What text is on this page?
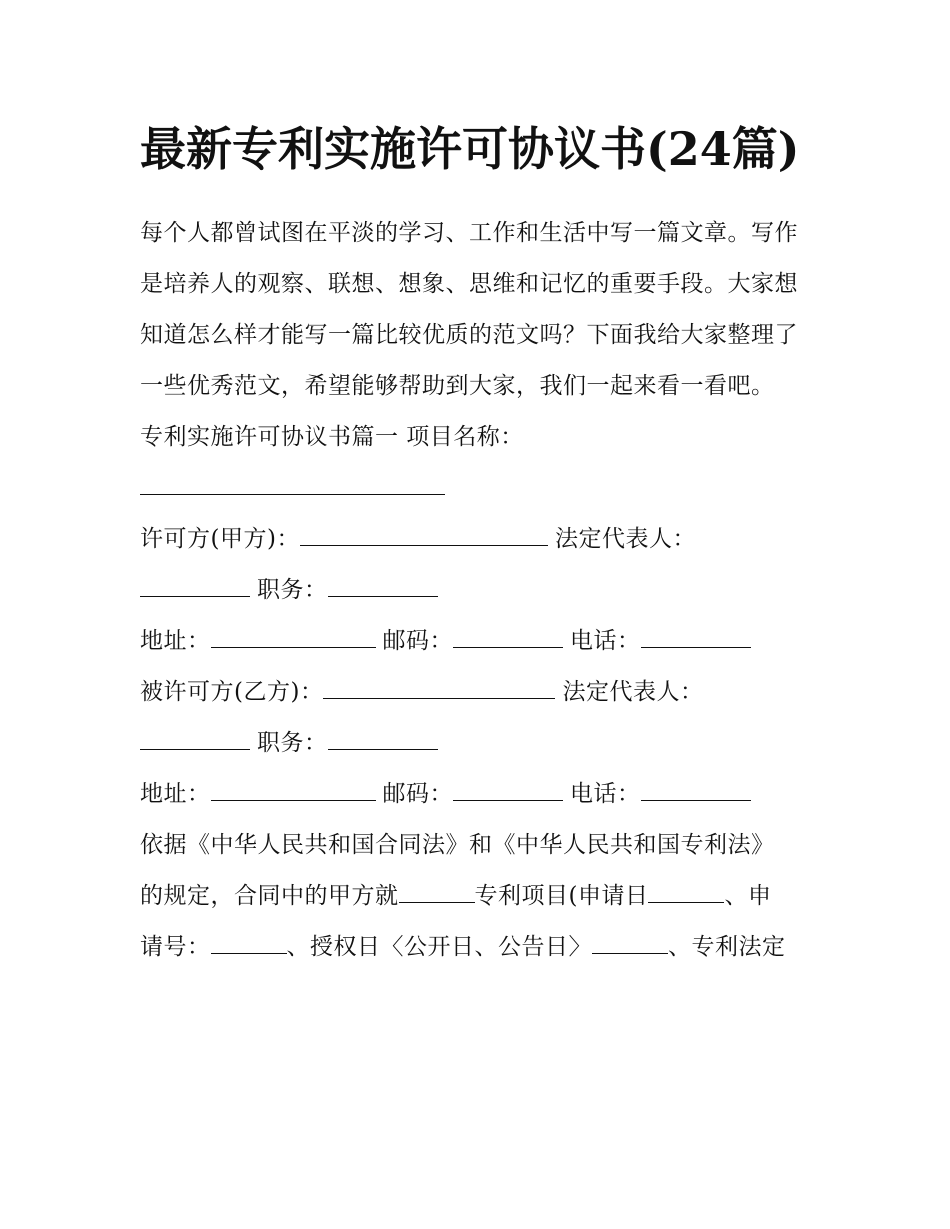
最新专利实施许可协议书(24篇)

每个人都曾试图在平淡的学习、工作和生活中写一篇文章。写作是培养人的观察、联想、想象、思维和记忆的重要手段。大家想知道怎么样才能写一篇比较优质的范文吗？下面我给大家整理了一些优秀范文，希望能够帮助到大家，我们一起来看一看吧。

专利实施许可协议书篇一 项目名称：

许可方(甲方)：	法定代表人：

职务：

地址：	邮码：	电话：

被许可方(乙方)：	法定代表人：

职务：

地址：	邮码：	电话：

依据《中华人民共和国合同法》和《中华人民共和国专利法》

的规定，合同中的甲方就	专利项目(申请日	、申

请号：	、授权日〈公开日、公告日〉	、专利法定
